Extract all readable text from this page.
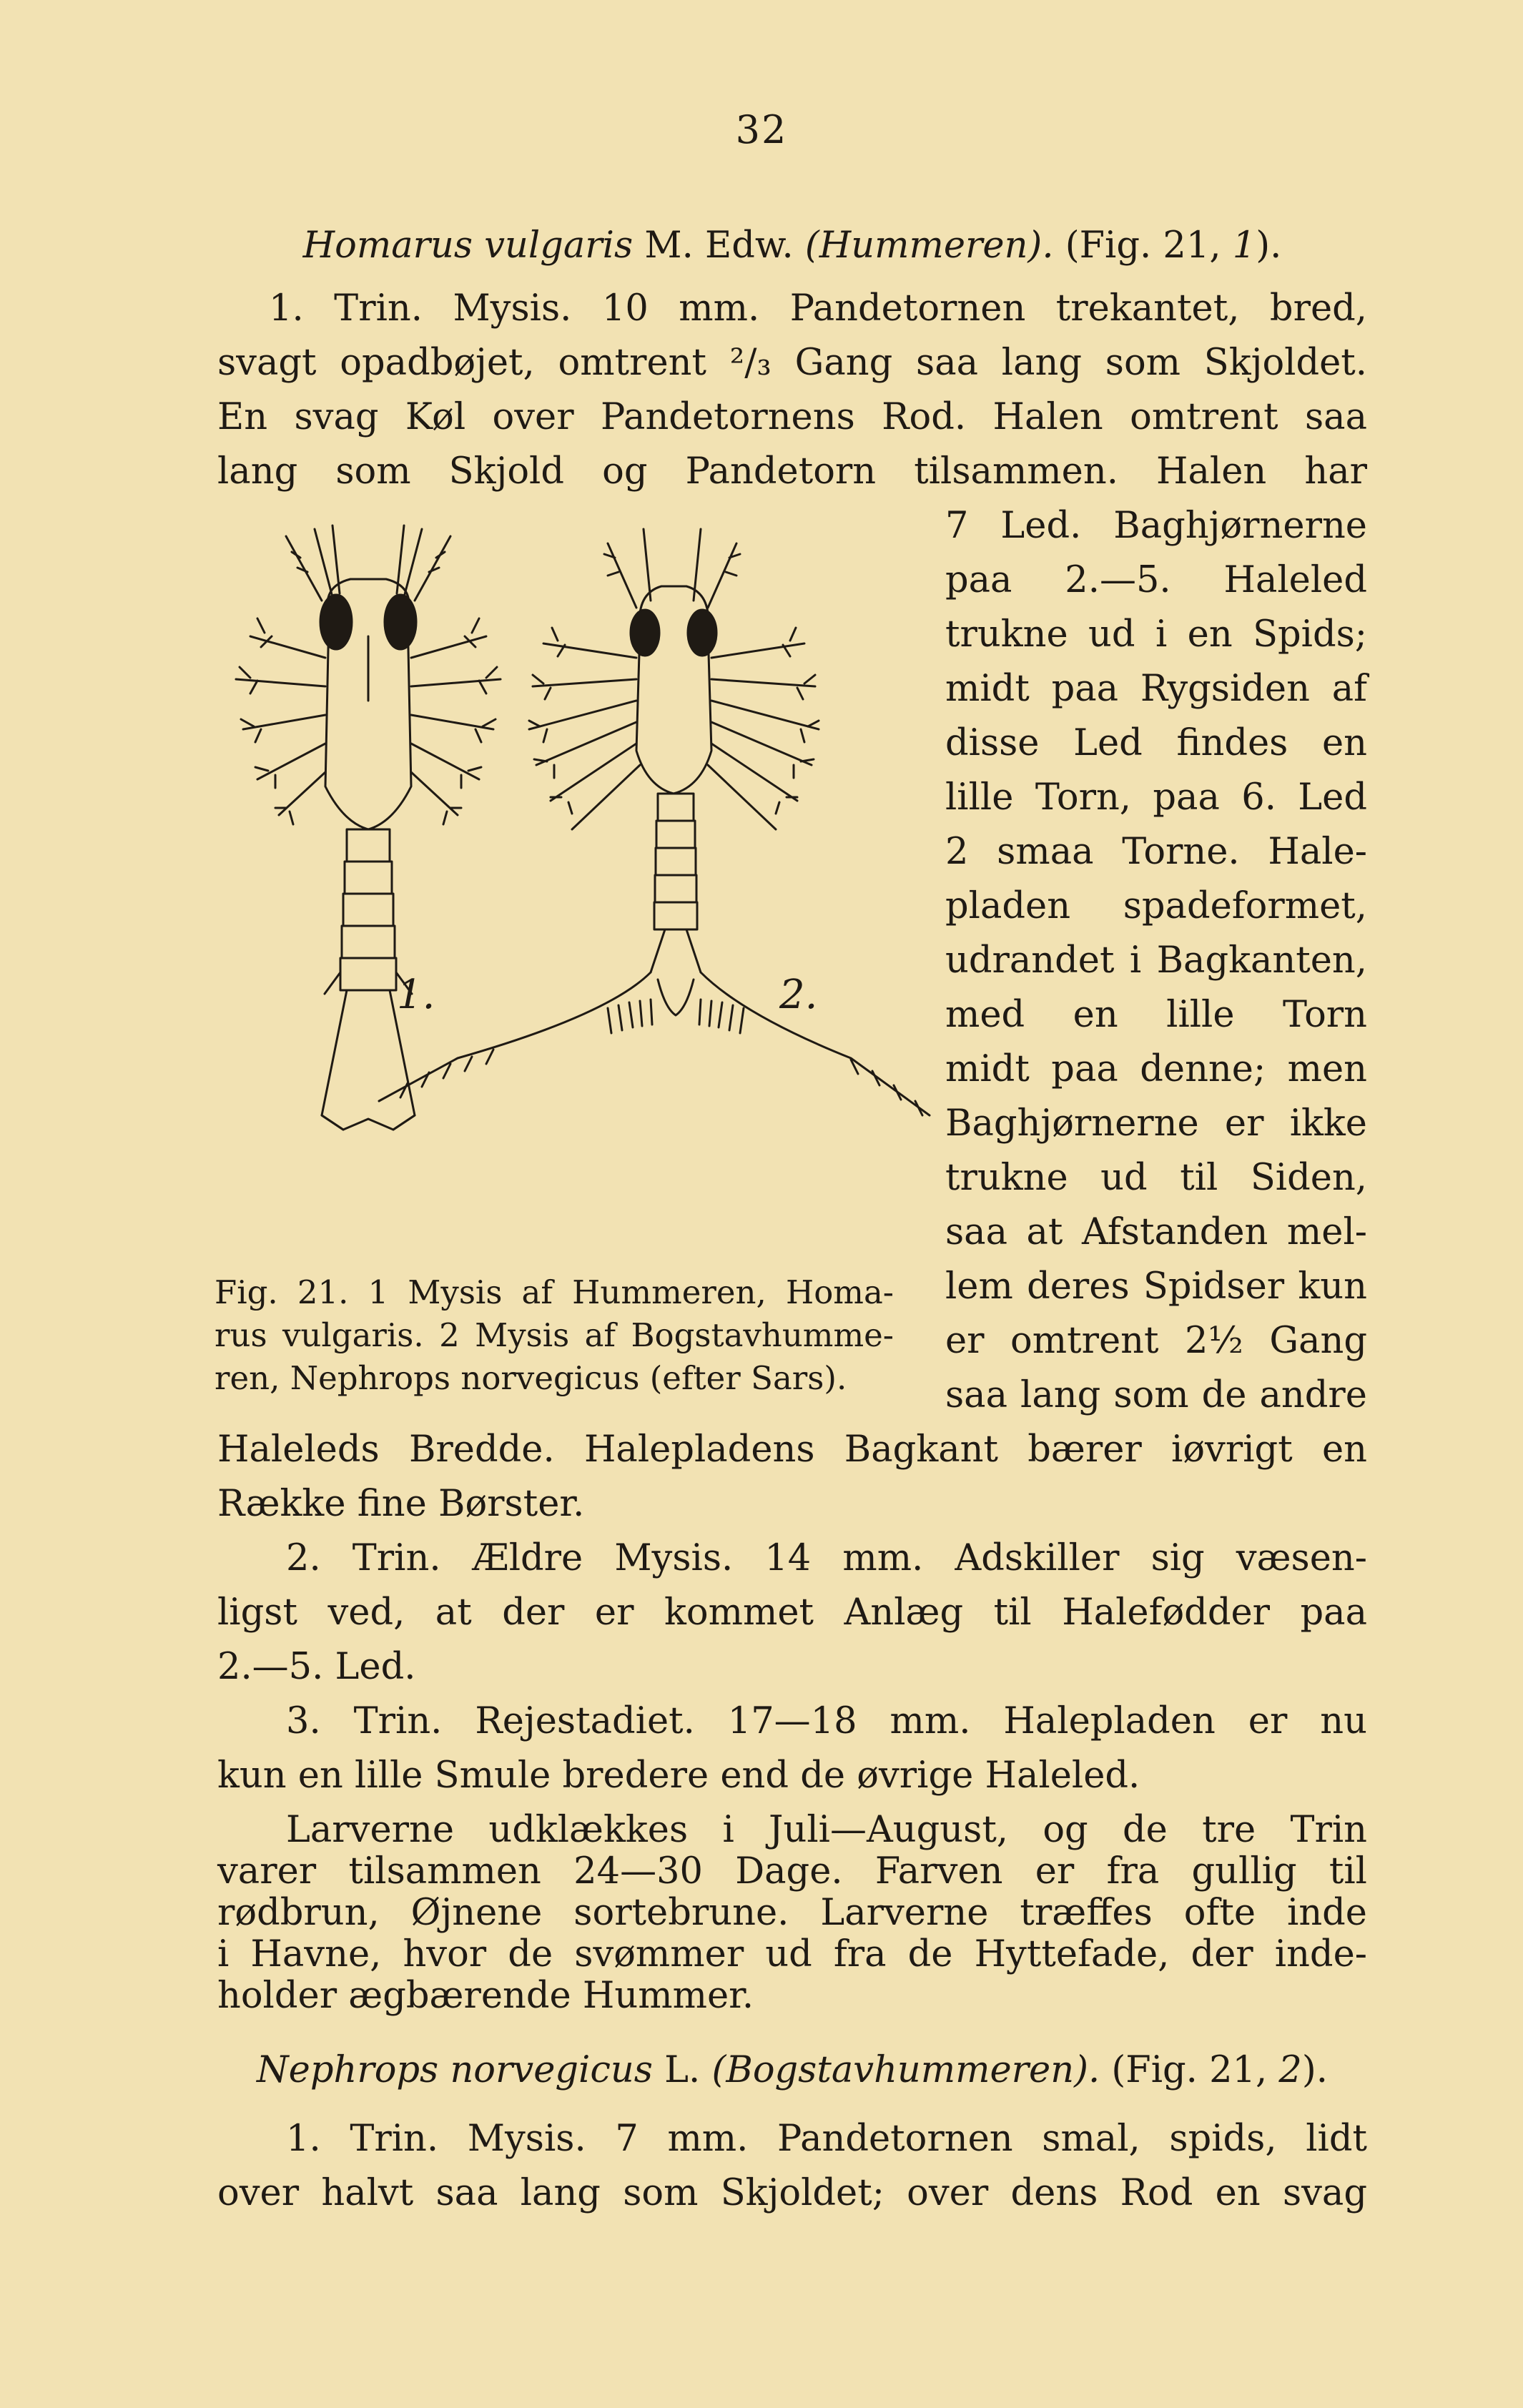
32
Homarus vulgaris M. Edw. (Hummeren). (Fig. 21, 1).
1. Trin. Mysis. 10 mm. Pandetornen trekantet, bred,
svagt opadbøjet, omtrent ²/₃ Gang saa lang som Skjoldet.
En svag Køl over Pandetornens Rod. Halen omtrent saa
lang som Skjold og Pandetorn tilsammen. Halen har
7 Led. Baghjørnerne
paa 2.—5. Haleled
trukne ud i en Spids;
midt paa Rygsiden af
disse Led findes en
lille Torn, paa 6. Led
2 smaa Torne. Hale-
pladen spadeformet,
udrandet i Bagkanten,
med en lille Torn
midt paa denne; men
Baghjørnerne er ikke
trukne ud til Siden,
saa at Afstanden mel-
lem deres Spidser kun
er omtrent 2½ Gang
saa lang som de andre
1.	2.
Fig. 21. 1 Mysis af Hummeren, Homa-
rus vulgaris. 2 Mysis af Bogstavhumme-
ren, Nephrops norvegicus (efter Sars).
Haleleds Bredde. Halepladens Bagkant bærer iøvrigt en
Række fine Børster.
2. Trin. Ældre Mysis. 14 mm. Adskiller sig væsen-
ligst ved, at der er kommet Anlæg til Halefødder paa
2.—5. Led.
3. Trin. Rejestadiet. 17—18 mm. Halepladen er nu
kun en lille Smule bredere end de øvrige Haleled.
Larverne udklækkes i Juli—August, og de tre Trin
varer tilsammen 24—30 Dage. Farven er fra gullig til
rødbrun, Øjnene sortebrune. Larverne træffes ofte inde
i Havne, hvor de svømmer ud fra de Hyttefade, der inde-
holder ægbærende Hummer.
Nephrops norvegicus L. (Bogstavhummeren). (Fig. 21, 2).
1. Trin. Mysis. 7 mm. Pandetornen smal, spids, lidt
over halvt saa lang som Skjoldet; over dens Rod en svag
